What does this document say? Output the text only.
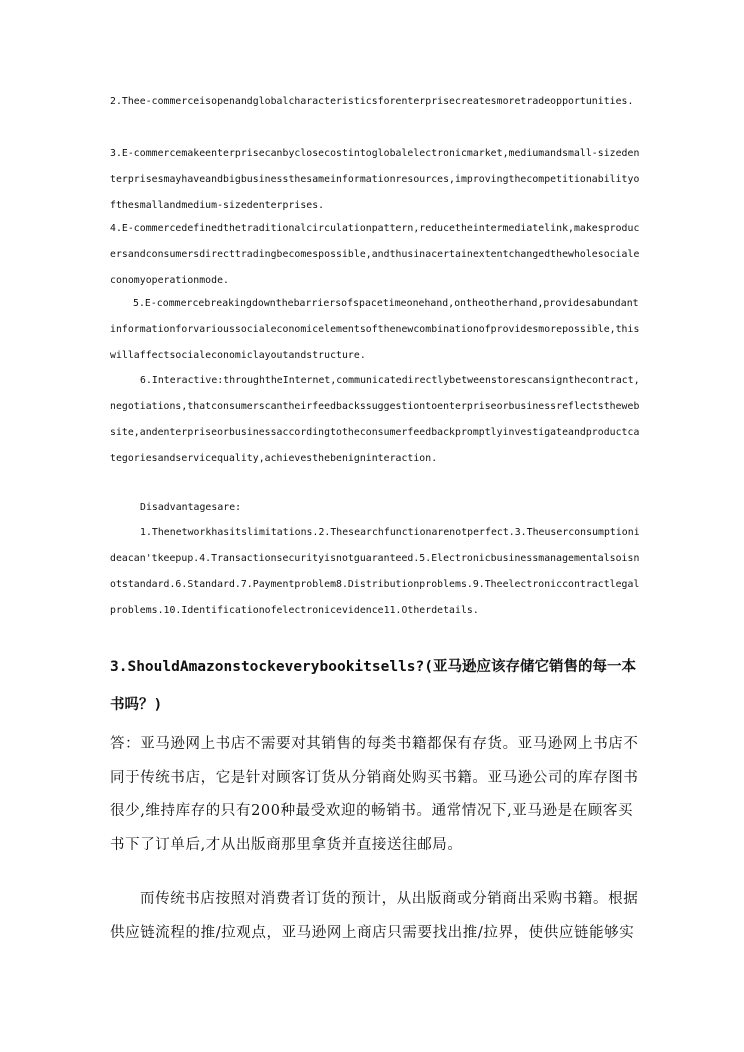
2.Thee-commerceisopenandglobalcharacteristicsforenterprisecreatesmoretradeopportunities.

3.E-commercemakeenterprisecanbyclosecostintoglobalelectronicmarket,mediumandsmall-sizedenterprisesmayhaveandbigbusinessthesameinformationresources,improvingthecompetitionabilityofthesmallandmedium-sizedenterprises.

4.E-commercedefinedthetraditionalcirculationpattern,reducetheintermediatelink,makesproducersandconsumersdirecttradingbecomespossible,andthusinacertainextentchangedthewholesocialeconomyoperationmode.

5.E-commercebreakingdownthebarriersofspacetimeonehand,ontheotherhand,providesabundantinformationforvarioussocialeconomicelementsofthenewcombinationofprovidesmorepossible,thiswillaffectsocialeconomiclayoutandstructure.

6.Interactive:throughtheInternet,communicatedirectlybetweenstorescansignthecontract,negotiations,thatconsumerscantheirfeedbackssuggestiontoenterpriseorbusinessreflectsthewebsite,andenterpriseorbusinessaccordingtotheconsumerfeedbackpromptlyinvestigateandproductcategoriesandservicequality,achievesthebenigninteraction.

Disadvantagesare:

1.Thenetworkhasitslimitations.2.Thesearchfunctionarenotperfect.3.Theuserconsumptionideacan'tkeepup.4.Transactionsecurityisnotguaranteed.5.Electronicbusinessmanagementalsoisnotstandard.6.Standard.7.Paymentproblem8.Distributionproblems.9.Theelectroniccontractlegalproblems.10.Identificationofelectronicevidence11.Otherdetails.

3.ShouldAmazonstockeverybookitsells?(亚马逊应该存储它销售的每一本书吗？)

答：亚马逊网上书店不需要对其销售的每类书籍都保有存货。亚马逊网上书店不同于传统书店，它是针对顾客订货从分销商处购买书籍。亚马逊公司的库存图书很少,维持库存的只有200种最受欢迎的畅销书。通常情况下,亚马逊是在顾客买书下了订单后,才从出版商那里拿货并直接送往邮局。

而传统书店按照对消费者订货的预计，从出版商或分销商出采购书籍。根据供应链流程的推/拉观点，亚马逊网上商店只需要找出推/拉界，使供应链能够实
